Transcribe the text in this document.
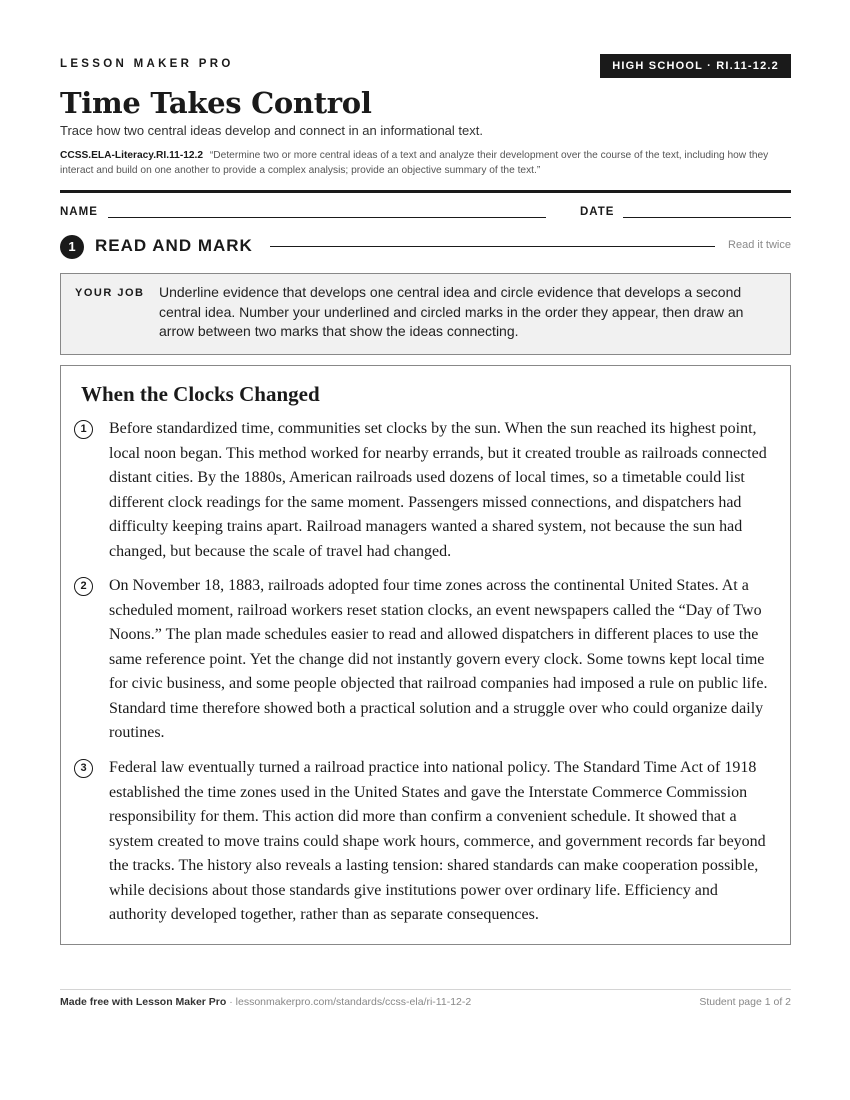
LESSON MAKER PRO	HIGH SCHOOL · RI.11-12.2
Time Takes Control
Trace how two central ideas develop and connect in an informational text.
CCSS.ELA-Literacy.RI.11-12.2 “Determine two or more central ideas of a text and analyze their development over the course of the text, including how they interact and build on one another to provide a complex analysis; provide an objective summary of the text.”
NAME	DATE
1	READ AND MARK	Read it twice
YOUR JOB Underline evidence that develops one central idea and circle evidence that develops a second central idea. Number your underlined and circled marks in the order they appear, then draw an arrow between two marks that show the ideas connecting.
When the Clocks Changed
1	Before standardized time, communities set clocks by the sun. When the sun reached its highest point, local noon began. This method worked for nearby errands, but it created trouble as railroads connected distant cities. By the 1880s, American railroads used dozens of local times, so a timetable could list different clock readings for the same moment. Passengers missed connections, and dispatchers had difficulty keeping trains apart. Railroad managers wanted a shared system, not because the sun had changed, but because the scale of travel had changed.
2	On November 18, 1883, railroads adopted four time zones across the continental United States. At a scheduled moment, railroad workers reset station clocks, an event newspapers called the “Day of Two Noons.” The plan made schedules easier to read and allowed dispatchers in different places to use the same reference point. Yet the change did not instantly govern every clock. Some towns kept local time for civic business, and some people objected that railroad companies had imposed a rule on public life. Standard time therefore showed both a practical solution and a struggle over who could organize daily routines.
3	Federal law eventually turned a railroad practice into national policy. The Standard Time Act of 1918 established the time zones used in the United States and gave the Interstate Commerce Commission responsibility for them. This action did more than confirm a convenient schedule. It showed that a system created to move trains could shape work hours, commerce, and government records far beyond the tracks. The history also reveals a lasting tension: shared standards can make cooperation possible, while decisions about those standards give institutions power over ordinary life. Efficiency and authority developed together, rather than as separate consequences.
Made free with Lesson Maker Pro · lessonmakerpro.com/standards/ccss-ela/ri-11-12-2	Student page 1 of 2
